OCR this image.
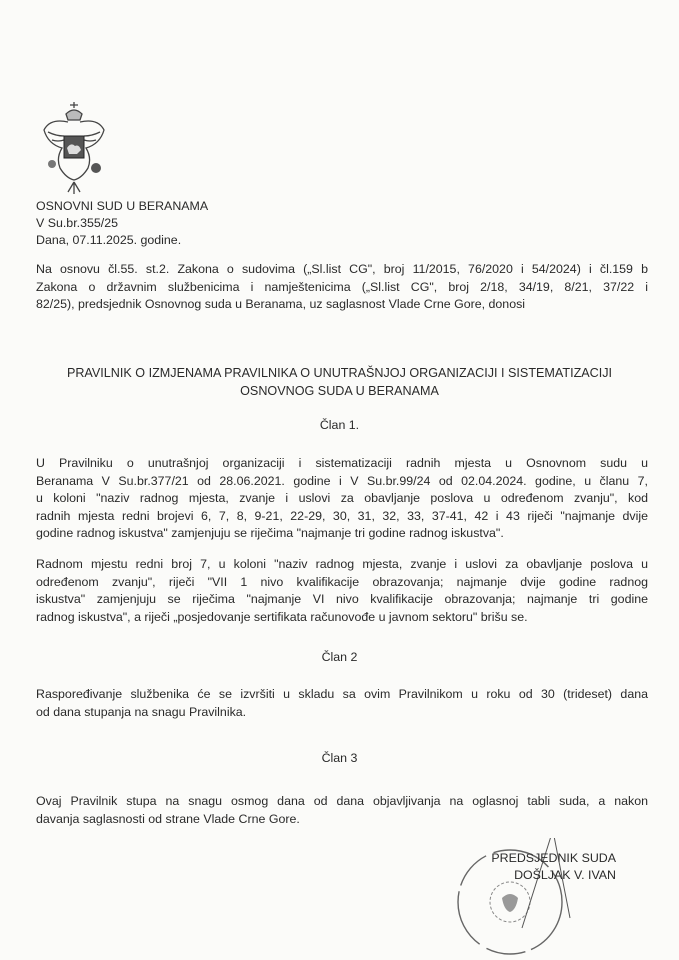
OSNOVNI SUD U BERANAMA
V Su.br.355/25
Dana, 07.11.2025. godine.
Na osnovu čl.55. st.2. Zakona o sudovima („Sl.list CG", broj 11/2015, 76/2020 i 54/2024) i čl.159 b
Zakona o državnim službenicima i namještenicima („Sl.list CG", broj 2/18, 34/19, 8/21, 37/22 i
82/25), predsjednik Osnovnog suda u Beranama, uz saglasnost Vlade Crne Gore, donosi
PRAVILNIK O IZMJENAMA PRAVILNIKA O UNUTRAŠNJOJ ORGANIZACIJI I SISTEMATIZACIJI
OSNOVNOG SUDA U BERANAMA
Član 1.
U Pravilniku o unutrašnjoj organizaciji i sistematizaciji radnih mjesta u Osnovnom sudu u
Beranama V Su.br.377/21 od 28.06.2021. godine i V Su.br.99/24 od 02.04.2024. godine, u članu 7,
u koloni "naziv radnog mjesta, zvanje i uslovi za obavljanje poslova u određenom zvanju", kod
radnih mjesta redni brojevi 6, 7, 8, 9-21, 22-29, 30, 31, 32, 33, 37-41, 42 i 43 riječi "najmanje dvije
godine radnog iskustva" zamjenjuju se riječima "najmanje tri godine radnog iskustva".
Radnom mjestu redni broj 7, u koloni "naziv radnog mjesta, zvanje i uslovi za obavljanje poslova u
određenom zvanju", riječi "VII 1 nivo kvalifikacije obrazovanja; najmanje dvije godine radnog
iskustva" zamjenjuju se riječima "najmanje VI nivo kvalifikacije obrazovanja; najmanje tri godine
radnog iskustva", a riječi „posjedovanje sertifikata računovođe u javnom sektoru" brišu se.
Član 2
Raspoređivanje službenika će se izvršiti u skladu sa ovim Pravilnikom u roku od 30 (trideset) dana
od dana stupanja na snagu Pravilnika.
Član 3
Ovaj Pravilnik stupa na snagu osmog dana od dana objavljivanja na oglasnoj tabli suda, a nakon
davanja saglasnosti od strane Vlade Crne Gore.
PREDSJEDNIK SUDA
DOŠLJAK V. IVAN
